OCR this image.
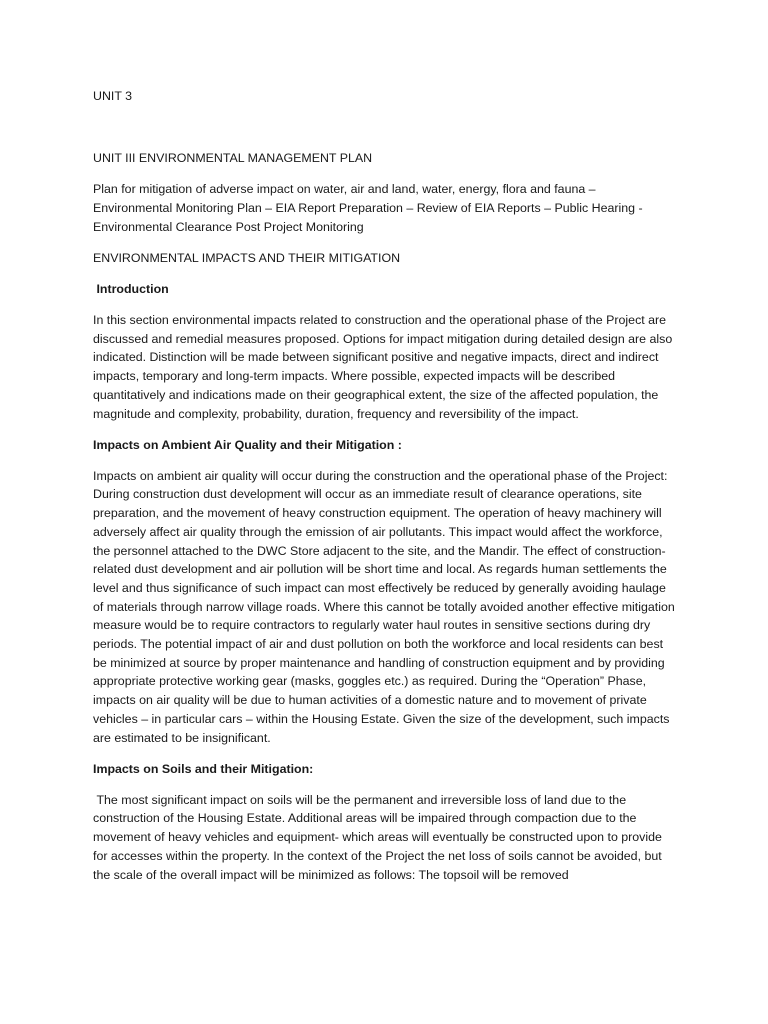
UNIT 3

UNIT III ENVIRONMENTAL MANAGEMENT PLAN

Plan for mitigation of adverse impact on water, air and land, water, energy, flora and fauna – Environmental Monitoring Plan – EIA Report Preparation – Review of EIA Reports – Public Hearing - Environmental Clearance Post Project Monitoring

ENVIRONMENTAL IMPACTS AND THEIR MITIGATION

Introduction

In this section environmental impacts related to construction and the operational phase of the Project are discussed and remedial measures proposed. Options for impact mitigation during detailed design are also indicated. Distinction will be made between significant positive and negative impacts, direct and indirect impacts, temporary and long-term impacts. Where possible, expected impacts will be described quantitatively and indications made on their geographical extent, the size of the affected population, the magnitude and complexity, probability, duration, frequency and reversibility of the impact.

Impacts on Ambient Air Quality and their Mitigation :

Impacts on ambient air quality will occur during the construction and the operational phase of the Project: During construction dust development will occur as an immediate result of clearance operations, site preparation, and the movement of heavy construction equipment. The operation of heavy machinery will adversely affect air quality through the emission of air pollutants. This impact would affect the workforce, the personnel attached to the DWC Store adjacent to the site, and the Mandir. The effect of construction-related dust development and air pollution will be short time and local. As regards human settlements the level and thus significance of such impact can most effectively be reduced by generally avoiding haulage of materials through narrow village roads. Where this cannot be totally avoided another effective mitigation measure would be to require contractors to regularly water haul routes in sensitive sections during dry periods. The potential impact of air and dust pollution on both the workforce and local residents can best be minimized at source by proper maintenance and handling of construction equipment and by providing appropriate protective working gear (masks, goggles etc.) as required. During the “Operation” Phase, impacts on air quality will be due to human activities of a domestic nature and to movement of private vehicles – in particular cars – within the Housing Estate. Given the size of the development, such impacts are estimated to be insignificant.

Impacts on Soils and their Mitigation:

The most significant impact on soils will be the permanent and irreversible loss of land due to the construction of the Housing Estate. Additional areas will be impaired through compaction due to the movement of heavy vehicles and equipment- which areas will eventually be constructed upon to provide for accesses within the property. In the context of the Project the net loss of soils cannot be avoided, but the scale of the overall impact will be minimized as follows: The topsoil will be removed
